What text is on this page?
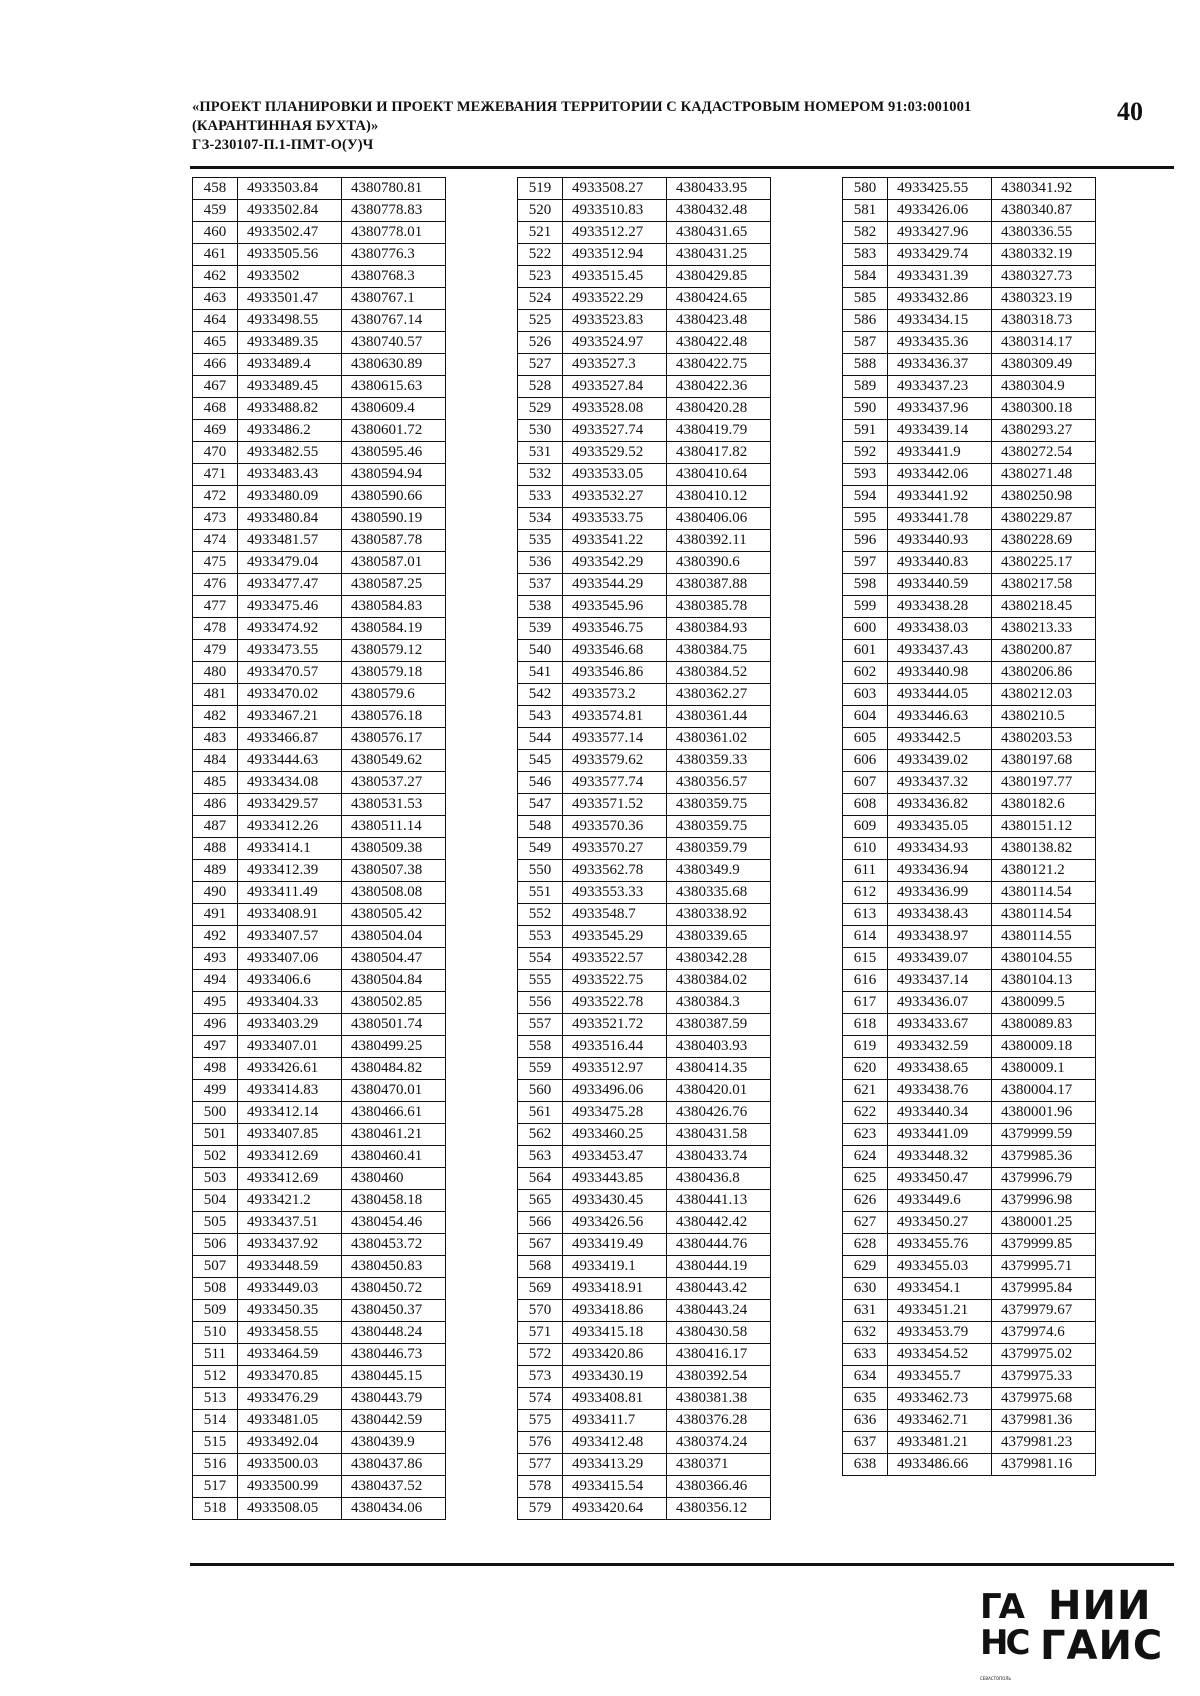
«ПРОЕКТ ПЛАНИРОВКИ И ПРОЕКТ МЕЖЕВАНИЯ ТЕРРИТОРИИ С КАДАСТРОВЫМ НОМЕРОМ 91:03:001001
(КАРАНТИННАЯ БУХТА)»
ГЗ-230107-П.1-ПМТ-О(У)Ч
40
458	4933503.84	4380780.81
459	4933502.84	4380778.83
460	4933502.47	4380778.01
461	4933505.56	4380776.3
462	4933502	4380768.3
463	4933501.47	4380767.1
464	4933498.55	4380767.14
465	4933489.35	4380740.57
466	4933489.4	4380630.89
467	4933489.45	4380615.63
468	4933488.82	4380609.4
469	4933486.2	4380601.72
470	4933482.55	4380595.46
471	4933483.43	4380594.94
472	4933480.09	4380590.66
473	4933480.84	4380590.19
474	4933481.57	4380587.78
475	4933479.04	4380587.01
476	4933477.47	4380587.25
477	4933475.46	4380584.83
478	4933474.92	4380584.19
479	4933473.55	4380579.12
480	4933470.57	4380579.18
481	4933470.02	4380579.6
482	4933467.21	4380576.18
483	4933466.87	4380576.17
484	4933444.63	4380549.62
485	4933434.08	4380537.27
486	4933429.57	4380531.53
487	4933412.26	4380511.14
488	4933414.1	4380509.38
489	4933412.39	4380507.38
490	4933411.49	4380508.08
491	4933408.91	4380505.42
492	4933407.57	4380504.04
493	4933407.06	4380504.47
494	4933406.6	4380504.84
495	4933404.33	4380502.85
496	4933403.29	4380501.74
497	4933407.01	4380499.25
498	4933426.61	4380484.82
499	4933414.83	4380470.01
500	4933412.14	4380466.61
501	4933407.85	4380461.21
502	4933412.69	4380460.41
503	4933412.69	4380460
504	4933421.2	4380458.18
505	4933437.51	4380454.46
506	4933437.92	4380453.72
507	4933448.59	4380450.83
508	4933449.03	4380450.72
509	4933450.35	4380450.37
510	4933458.55	4380448.24
511	4933464.59	4380446.73
512	4933470.85	4380445.15
513	4933476.29	4380443.79
514	4933481.05	4380442.59
515	4933492.04	4380439.9
516	4933500.03	4380437.86
517	4933500.99	4380437.52
518	4933508.05	4380434.06
519	4933508.27	4380433.95
520	4933510.83	4380432.48
521	4933512.27	4380431.65
522	4933512.94	4380431.25
523	4933515.45	4380429.85
524	4933522.29	4380424.65
525	4933523.83	4380423.48
526	4933524.97	4380422.48
527	4933527.3	4380422.75
528	4933527.84	4380422.36
529	4933528.08	4380420.28
530	4933527.74	4380419.79
531	4933529.52	4380417.82
532	4933533.05	4380410.64
533	4933532.27	4380410.12
534	4933533.75	4380406.06
535	4933541.22	4380392.11
536	4933542.29	4380390.6
537	4933544.29	4380387.88
538	4933545.96	4380385.78
539	4933546.75	4380384.93
540	4933546.68	4380384.75
541	4933546.86	4380384.52
542	4933573.2	4380362.27
543	4933574.81	4380361.44
544	4933577.14	4380361.02
545	4933579.62	4380359.33
546	4933577.74	4380356.57
547	4933571.52	4380359.75
548	4933570.36	4380359.75
549	4933570.27	4380359.79
550	4933562.78	4380349.9
551	4933553.33	4380335.68
552	4933548.7	4380338.92
553	4933545.29	4380339.65
554	4933522.57	4380342.28
555	4933522.75	4380384.02
556	4933522.78	4380384.3
557	4933521.72	4380387.59
558	4933516.44	4380403.93
559	4933512.97	4380414.35
560	4933496.06	4380420.01
561	4933475.28	4380426.76
562	4933460.25	4380431.58
563	4933453.47	4380433.74
564	4933443.85	4380436.8
565	4933430.45	4380441.13
566	4933426.56	4380442.42
567	4933419.49	4380444.76
568	4933419.1	4380444.19
569	4933418.91	4380443.42
570	4933418.86	4380443.24
571	4933415.18	4380430.58
572	4933420.86	4380416.17
573	4933430.19	4380392.54
574	4933408.81	4380381.38
575	4933411.7	4380376.28
576	4933412.48	4380374.24
577	4933413.29	4380371
578	4933415.54	4380366.46
579	4933420.64	4380356.12
580	4933425.55	4380341.92
581	4933426.06	4380340.87
582	4933427.96	4380336.55
583	4933429.74	4380332.19
584	4933431.39	4380327.73
585	4933432.86	4380323.19
586	4933434.15	4380318.73
587	4933435.36	4380314.17
588	4933436.37	4380309.49
589	4933437.23	4380304.9
590	4933437.96	4380300.18
591	4933439.14	4380293.27
592	4933441.9	4380272.54
593	4933442.06	4380271.48
594	4933441.92	4380250.98
595	4933441.78	4380229.87
596	4933440.93	4380228.69
597	4933440.83	4380225.17
598	4933440.59	4380217.58
599	4933438.28	4380218.45
600	4933438.03	4380213.33
601	4933437.43	4380200.87
602	4933440.98	4380206.86
603	4933444.05	4380212.03
604	4933446.63	4380210.5
605	4933442.5	4380203.53
606	4933439.02	4380197.68
607	4933437.32	4380197.77
608	4933436.82	4380182.6
609	4933435.05	4380151.12
610	4933434.93	4380138.82
611	4933436.94	4380121.2
612	4933436.99	4380114.54
613	4933438.43	4380114.54
614	4933438.97	4380114.55
615	4933439.07	4380104.55
616	4933437.14	4380104.13
617	4933436.07	4380099.5
618	4933433.67	4380089.83
619	4933432.59	4380009.18
620	4933438.65	4380009.1
621	4933438.76	4380004.17
622	4933440.34	4380001.96
623	4933441.09	4379999.59
624	4933448.32	4379985.36
625	4933450.47	4379996.79
626	4933449.6	4379996.98
627	4933450.27	4380001.25
628	4933455.76	4379999.85
629	4933455.03	4379995.71
630	4933454.1	4379995.84
631	4933451.21	4379979.67
632	4933453.79	4379974.6
633	4933454.52	4379975.02
634	4933455.7	4379975.33
635	4933462.73	4379975.68
636	4933462.71	4379981.36
637	4933481.21	4379981.23
638	4933486.66	4379981.16
ГА
НС
СЕВАСТОПОЛЬ
НИИ
ГАИС
